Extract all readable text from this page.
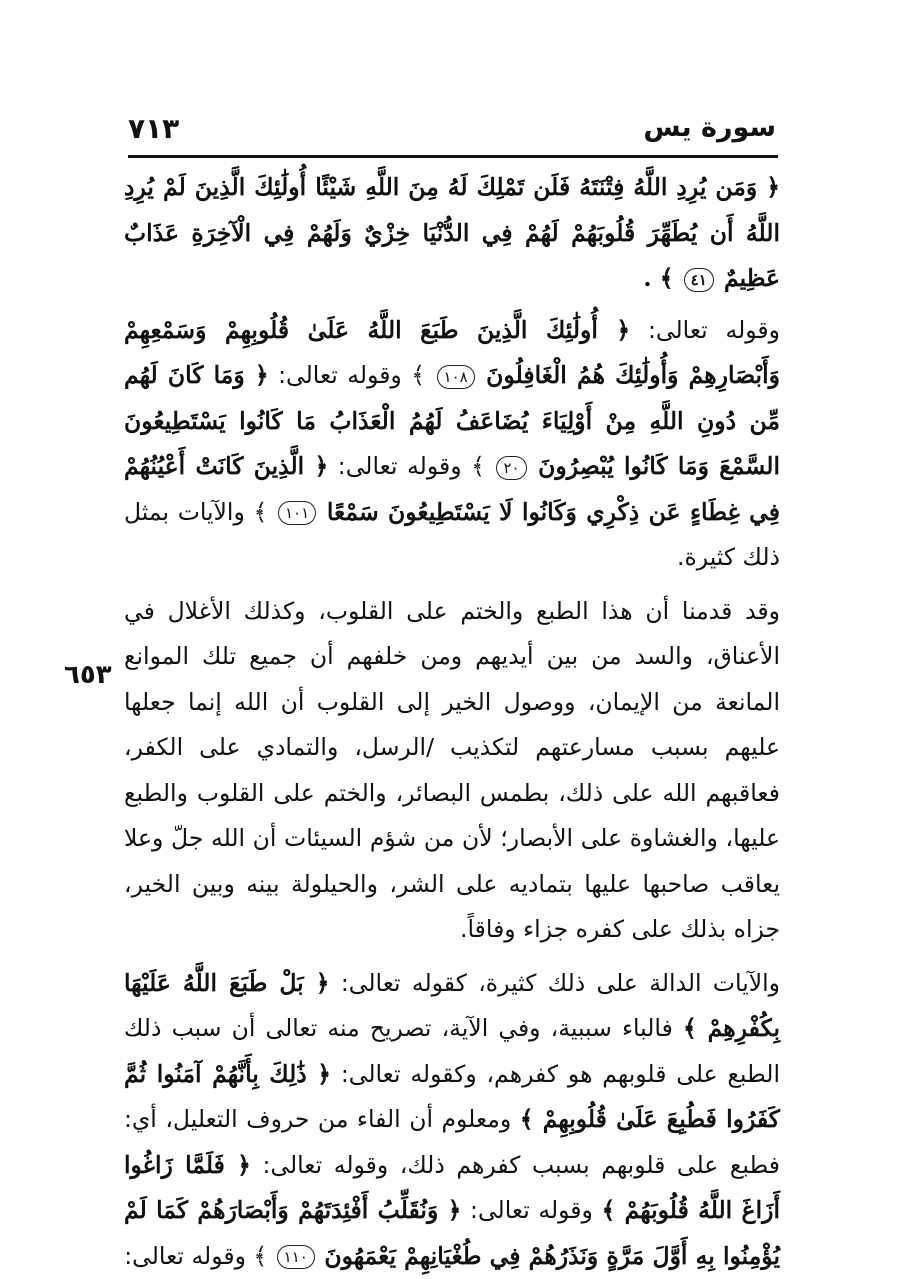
٧١٣	سورة يس
٦٥٣

﴿ وَمَن يُرِدِ اللَّهُ فِتْنَتَهُ فَلَن تَمْلِكَ لَهُ مِنَ اللَّهِ شَيْئًا أُولَٰئِكَ الَّذِينَ لَمْ يُرِدِ اللَّهُ أَن يُطَهِّرَ قُلُوبَهُمْ لَهُمْ فِي الدُّنْيَا خِزْيٌ وَلَهُمْ فِي الْآخِرَةِ عَذَابٌ عَظِيمٌ ٤١ ﴾ .

وقوله تعالى: ﴿ أُولَٰئِكَ الَّذِينَ طَبَعَ اللَّهُ عَلَىٰ قُلُوبِهِمْ وَسَمْعِهِمْ وَأَبْصَارِهِمْ وَأُولَٰئِكَ هُمُ الْغَافِلُونَ ١٠٨ ﴾ وقوله تعالى: ﴿ وَمَا كَانَ لَهُم مِّن دُونِ اللَّهِ مِنْ أَوْلِيَاءَ يُضَاعَفُ لَهُمُ الْعَذَابُ مَا كَانُوا يَسْتَطِيعُونَ السَّمْعَ وَمَا كَانُوا يُبْصِرُونَ ٢٠ ﴾ وقوله تعالى: ﴿ الَّذِينَ كَانَتْ أَعْيُنُهُمْ فِي غِطَاءٍ عَن ذِكْرِي وَكَانُوا لَا يَسْتَطِيعُونَ سَمْعًا ١٠١ ﴾ والآيات بمثل ذلك كثيرة.

وقد قدمنا أن هذا الطبع والختم على القلوب، وكذلك الأغلال في الأعناق، والسد من بين أيديهم ومن خلفهم أن جميع تلك الموانع المانعة من الإيمان، ووصول الخير إلى القلوب أن الله إنما جعلها عليهم بسبب مسارعتهم لتكذيب /الرسل، والتمادي على الكفر، فعاقبهم الله على ذلك، بطمس البصائر، والختم على القلوب والطبع عليها، والغشاوة على الأبصار؛ لأن من شؤم السيئات أن الله جلّ وعلا يعاقب صاحبها عليها بتماديه على الشر، والحيلولة بينه وبين الخير، جزاه بذلك على كفره جزاء وفاقاً.

والآيات الدالة على ذلك كثيرة، كقوله تعالى: ﴿ بَلْ طَبَعَ اللَّهُ عَلَيْهَا بِكُفْرِهِمْ ﴾ فالباء سببية، وفي الآية، تصريح منه تعالى أن سبب ذلك الطبع على قلوبهم هو كفرهم، وكقوله تعالى: ﴿ ذَٰلِكَ بِأَنَّهُمْ آمَنُوا ثُمَّ كَفَرُوا فَطُبِعَ عَلَىٰ قُلُوبِهِمْ ﴾ ومعلوم أن الفاء من حروف التعليل، أي: فطبع على قلوبهم بسبب كفرهم ذلك، وقوله تعالى: ﴿ فَلَمَّا زَاغُوا أَزَاغَ اللَّهُ قُلُوبَهُمْ ﴾ وقوله تعالى: ﴿ وَنُقَلِّبُ أَفْئِدَتَهُمْ وَأَبْصَارَهُمْ كَمَا لَمْ يُؤْمِنُوا بِهِ أَوَّلَ مَرَّةٍ وَنَذَرُهُمْ فِي طُغْيَانِهِمْ يَعْمَهُونَ ١١٠ ﴾ وقوله تعالى:
